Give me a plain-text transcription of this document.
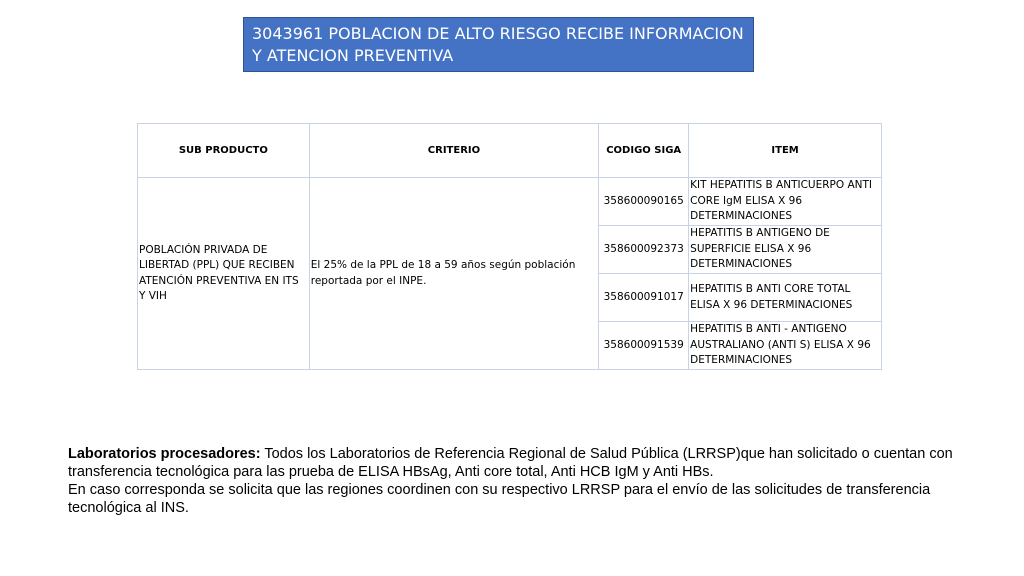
3043961 POBLACION DE ALTO RIESGO RECIBE INFORMACION Y ATENCION PREVENTIVA
SUB PRODUCTO	CRITERIO	CODIGO SIGA	ITEM
POBLACIÓN PRIVADA DE LIBERTAD (PPL) QUE RECIBEN ATENCIÓN PREVENTIVA EN ITS Y VIH	El 25% de la PPL de 18 a 59 años según población reportada por el INPE.	358600090165	KIT HEPATITIS B ANTICUERPO ANTI CORE IgM ELISA X 96 DETERMINACIONES
		358600092373	HEPATITIS B ANTIGENO DE SUPERFICIE ELISA X 96 DETERMINACIONES
		358600091017	HEPATITIS B ANTI CORE TOTAL ELISA X 96 DETERMINACIONES
		358600091539	HEPATITIS B ANTI - ANTIGENO AUSTRALIANO (ANTI S) ELISA X 96 DETERMINACIONES
Laboratorios procesadores: Todos los Laboratorios de Referencia Regional de Salud Pública (LRRSP)que han solicitado o cuentan con transferencia tecnológica para las prueba de ELISA HBsAg, Anti core total, Anti HCB IgM y Anti HBs.
En caso corresponda se solicita que las regiones coordinen con su respectivo LRRSP para el envío de las solicitudes de transferencia tecnológica al INS.
